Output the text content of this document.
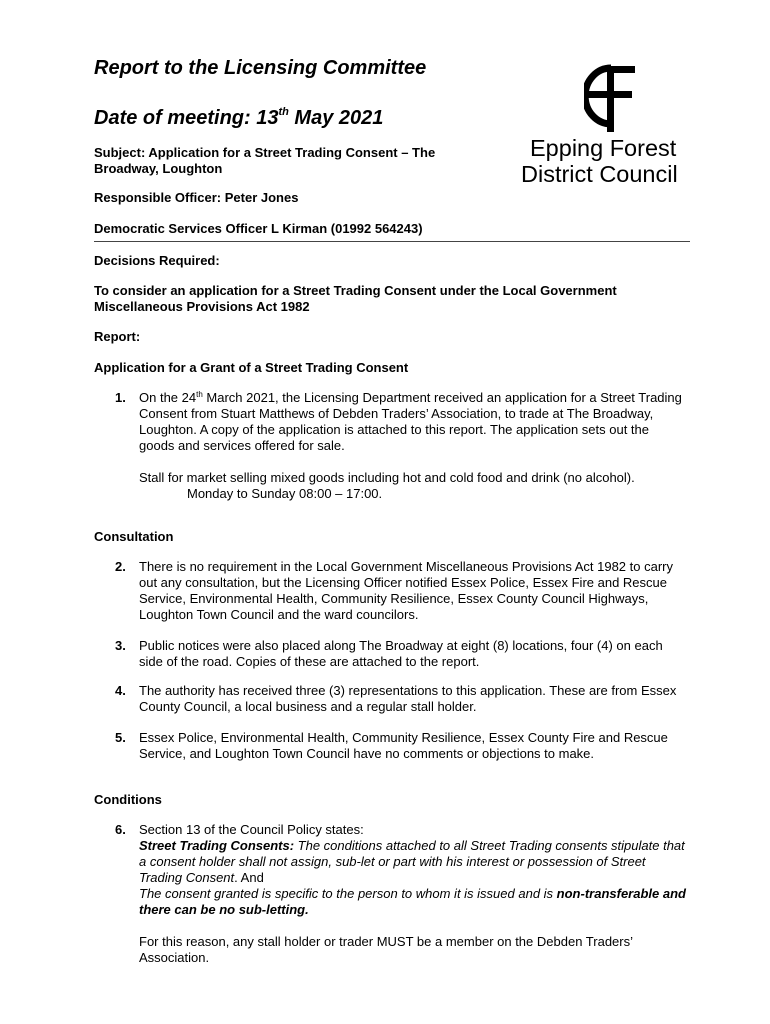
Report to the Licensing Committee
Date of meeting: 13th May 2021
Subject: Application for a Street Trading Consent – The Broadway, Loughton
Responsible Officer: Peter Jones
Democratic Services Officer L Kirman (01992 564243)
Epping Forest
District Council
Decisions Required:
To consider an application for a Street Trading Consent under the Local Government Miscellaneous Provisions Act 1982
Report:
Application for a Grant of a Street Trading Consent
1. On the 24th March 2021, the Licensing Department received an application for a Street Trading Consent from Stuart Matthews of Debden Traders’ Association, to trade at The Broadway, Loughton. A copy of the application is attached to this report. The application sets out the goods and services offered for sale.
Stall for market selling mixed goods including hot and cold food and drink (no alcohol).
Monday to Sunday 08:00 – 17:00.
Consultation
2. There is no requirement in the Local Government Miscellaneous Provisions Act 1982 to carry out any consultation, but the Licensing Officer notified Essex Police, Essex Fire and Rescue Service, Environmental Health, Community Resilience, Essex County Council Highways, Loughton Town Council and the ward councilors.
3. Public notices were also placed along The Broadway at eight (8) locations, four (4) on each side of the road. Copies of these are attached to the report.
4. The authority has received three (3) representations to this application. These are from Essex County Council, a local business and a regular stall holder.
5. Essex Police, Environmental Health, Community Resilience, Essex County Fire and Rescue Service, and Loughton Town Council have no comments or objections to make.
Conditions
6. Section 13 of the Council Policy states:
Street Trading Consents: The conditions attached to all Street Trading consents stipulate that a consent holder shall not assign, sub-let or part with his interest or possession of Street Trading Consent. And
The consent granted is specific to the person to whom it is issued and is non-transferable and there can be no sub-letting.
For this reason, any stall holder or trader MUST be a member on the Debden Traders’ Association.
